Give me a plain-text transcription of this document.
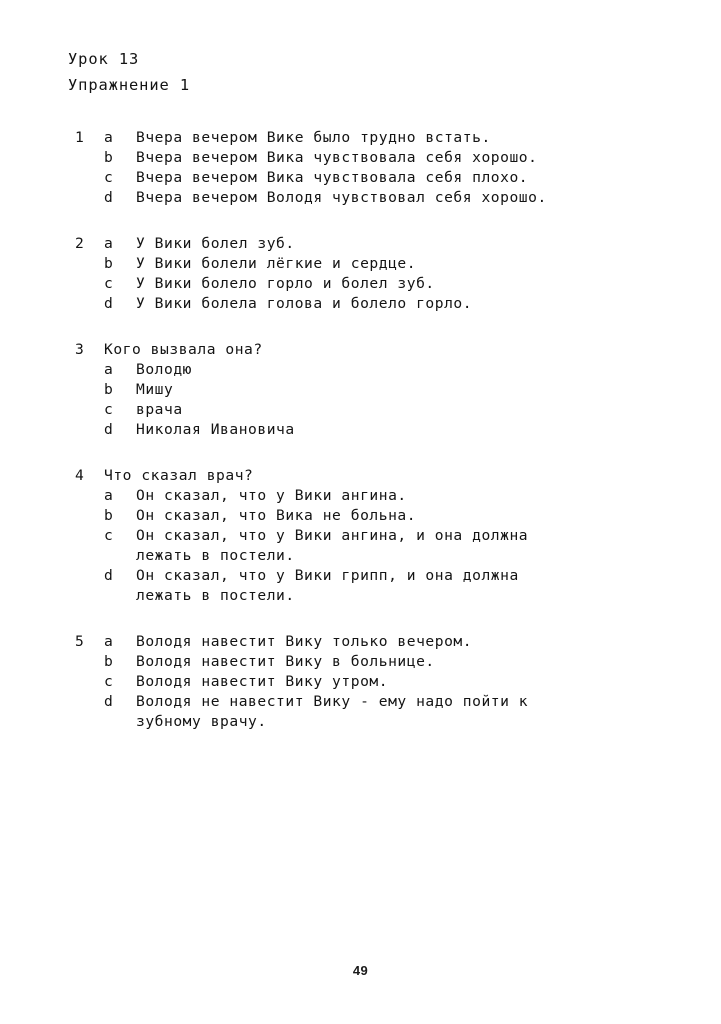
Урок 13
Упражнение 1
1	a	Вчера вечером Вике было трудно встать.
b	Вчера вечером Вика чувствовала себя хорошо.
c	Вчера вечером Вика чувствовала себя плохо.
d	Вчера вечером Володя чувствовал себя хорошо.
2	a	У Вики болел зуб.
b	У Вики болели лёгкие и сердце.
c	У Вики болело горло и болел зуб.
d	У Вики болела голова и болело горло.
3	Кого вызвала она?
a	Володю
b	Мишу
c	врача
d	Николая Ивановича
4	Что сказал врач?
a	Он сказал, что у Вики ангина.
b	Он сказал, что Вика не больна.
c	Он сказал, что у Вики ангина, и она должна
лежать в постели.
d	Он сказал, что у Вики грипп, и она должна
лежать в постели.
5	a	Володя навестит Вику только вечером.
b	Володя навестит Вику в больнице.
c	Володя навестит Вику утром.
d	Володя не навестит Вику - ему надо пойти к
зубному врачу.
49
